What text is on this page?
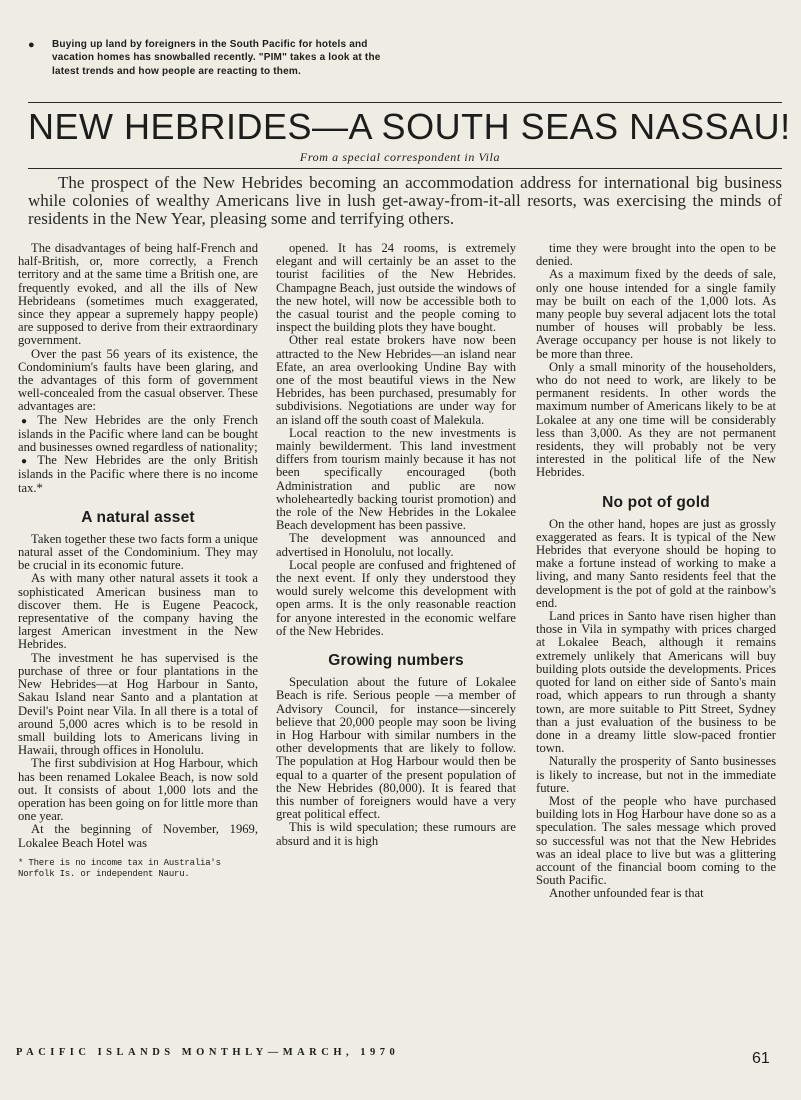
● Buying up land by foreigners in the South Pacific for hotels and vacation homes has snowballed recently. "PIM" takes a look at the latest trends and how people are reacting to them.
NEW HEBRIDES—A SOUTH SEAS NASSAU!
From a special correspondent in Vila
The prospect of the New Hebrides becoming an accommodation address for international big business while colonies of wealthy Americans live in lush get-away-from-it-all resorts, was exercising the minds of residents in the New Year, pleasing some and terrifying others.

The disadvantages of being half-French and half-British, or, more correctly, a French territory and at the same time a British one, are frequently evoked, and all the ills of New Hebrideans (sometimes much exaggerated, since they appear a supremely happy people) are supposed to derive from their extraordinary government.

Over the past 56 years of its existence, the Condominium's faults have been glaring, and the advantages of this form of government well-concealed from the casual observer. These advantages are:

● The New Hebrides are the only French islands in the Pacific where land can be bought and businesses owned regardless of nationality;

● The New Hebrides are the only British islands in the Pacific where there is no income tax.*

A natural asset

Taken together these two facts form a unique natural asset of the Condominium. They may be crucial in its economic future.

As with many other natural assets it took a sophisticated American business man to discover them. He is Eugene Peacock, representative of the company having the largest American investment in the New Hebrides.

The investment he has supervised is the purchase of three or four plantations in the New Hebrides—at Hog Harbour in Santo, Sakau Island near Santo and a plantation at Devil's Point near Vila. In all there is a total of around 5,000 acres which is to be resold in small building lots to Americans living in Hawaii, through offices in Honolulu.

The first subdivision at Hog Harbour, which has been renamed Lokalee Beach, is now sold out. It consists of about 1,000 lots and the operation has been going on for little more than one year.

At the beginning of November, 1969, Lokalee Beach Hotel was

* There is no income tax in Australia's Norfolk Is. or independent Nauru.

opened. It has 24 rooms, is extremely elegant and will certainly be an asset to the tourist facilities of the New Hebrides. Champagne Beach, just outside the windows of the new hotel, will now be accessible both to the casual tourist and the people coming to inspect the building plots they have bought.

Other real estate brokers have now been attracted to the New Hebrides—an island near Efate, an area overlooking Undine Bay with one of the most beautiful views in the New Hebrides, has been purchased, presumably for subdivisions. Negotiations are under way for an island off the south coast of Malekula.

Local reaction to the new investments is mainly bewilderment. This land investment differs from tourism mainly because it has not been specifically encouraged (both Administration and public are now wholeheartedly backing tourist promotion) and the role of the New Hebrides in the Lokalee Beach development has been passive.

The development was announced and advertised in Honolulu, not locally.

Local people are confused and frightened of the next event. If only they understood they would surely welcome this development with open arms. It is the only reasonable reaction for anyone interested in the economic welfare of the New Hebrides.

Growing numbers

Speculation about the future of Lokalee Beach is rife. Serious people —a member of Advisory Council, for instance—sincerely believe that 20,000 people may soon be living in Hog Harbour with similar numbers in the other developments that are likely to follow. The population at Hog Harbour would then be equal to a quarter of the present population of the New Hebrides (80,000). It is feared that this number of foreigners would have a very great political effect.

This is wild speculation; these rumours are absurd and it is high

time they were brought into the open to be denied.

As a maximum fixed by the deeds of sale, only one house intended for a single family may be built on each of the 1,000 lots. As many people buy several adjacent lots the total number of houses will probably be less. Average occupancy per house is not likely to be more than three.

Only a small minority of the householders, who do not need to work, are likely to be permanent residents. In other words the maximum number of Americans likely to be at Lokalee at any one time will be considerably less than 3,000. As they are not permanent residents, they will probably not be very interested in the political life of the New Hebrides.

No pot of gold

On the other hand, hopes are just as grossly exaggerated as fears. It is typical of the New Hebrides that everyone should be hoping to make a fortune instead of working to make a living, and many Santo residents feel that the development is the pot of gold at the rainbow's end.

Land prices in Santo have risen higher than those in Vila in sympathy with prices charged at Lokalee Beach, although it remains extremely unlikely that Americans will buy building plots outside the developments. Prices quoted for land on either side of Santo's main road, which appears to run through a shanty town, are more suitable to Pitt Street, Sydney than a just evaluation of the business to be done in a dreamy little slow-paced frontier town.

Naturally the prosperity of Santo businesses is likely to increase, but not in the immediate future.

Most of the people who have purchased building lots in Hog Harbour have done so as a speculation. The sales message which proved so successful was not that the New Hebrides was an ideal place to live but was a glittering account of the financial boom coming to the South Pacific.

Another unfounded fear is that

PACIFIC ISLANDS MONTHLY—MARCH, 1970	61
